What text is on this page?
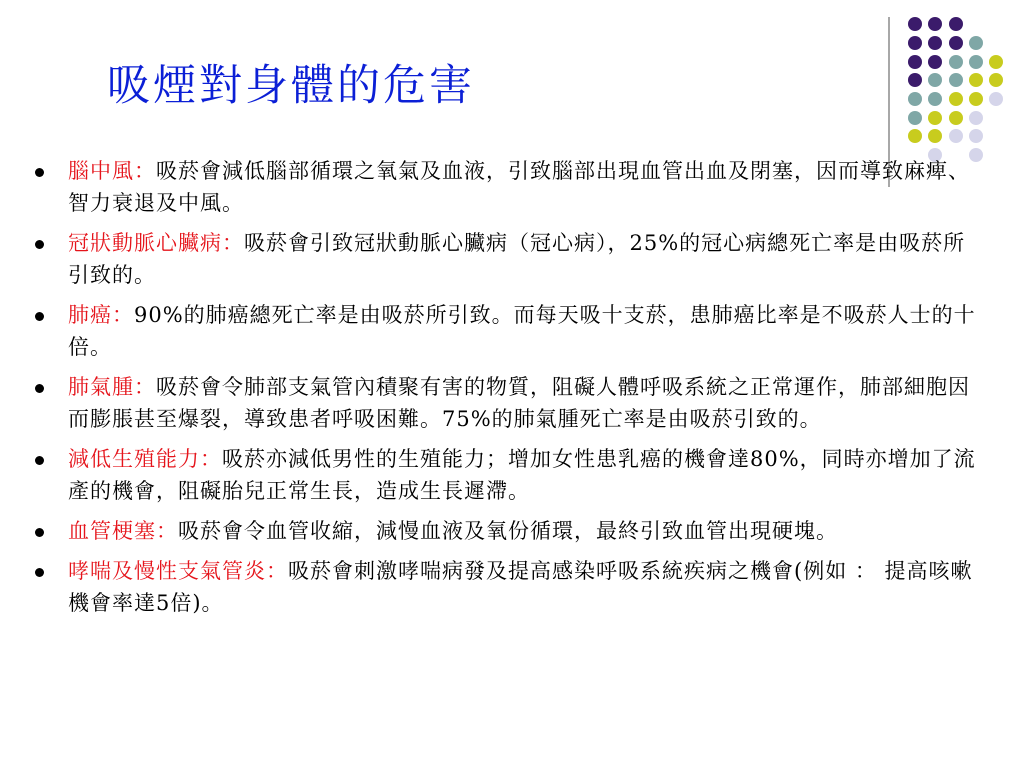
吸煙對身體的危害
腦中風：吸菸會減低腦部循環之氧氣及血液，引致腦部出現血管出血及閉塞，因而導致麻痺、智力衰退及中風。
冠狀動脈心臟病：吸菸會引致冠狀動脈心臟病（冠心病），25%的冠心病總死亡率是由吸菸所引致的。
肺癌：90%的肺癌總死亡率是由吸菸所引致。而每天吸十支菸，患肺癌比率是不吸菸人士的十倍。
肺氣腫：吸菸會令肺部支氣管內積聚有害的物質，阻礙人體呼吸系統之正常運作，肺部細胞因而膨脹甚至爆裂，導致患者呼吸困難。75%的肺氣腫死亡率是由吸菸引致的。
減低生殖能力：吸菸亦減低男性的生殖能力；增加女性患乳癌的機會達80%，同時亦增加了流產的機會，阻礙胎兒正常生長，造成生長遲滯。
血管梗塞：吸菸會令血管收縮，減慢血液及氧份循環，最終引致血管出現硬塊。
哮喘及慢性支氣管炎：吸菸會刺激哮喘病發及提高感染呼吸系統疾病之機會(例如 ： 提高咳嗽機會率達5倍)。
